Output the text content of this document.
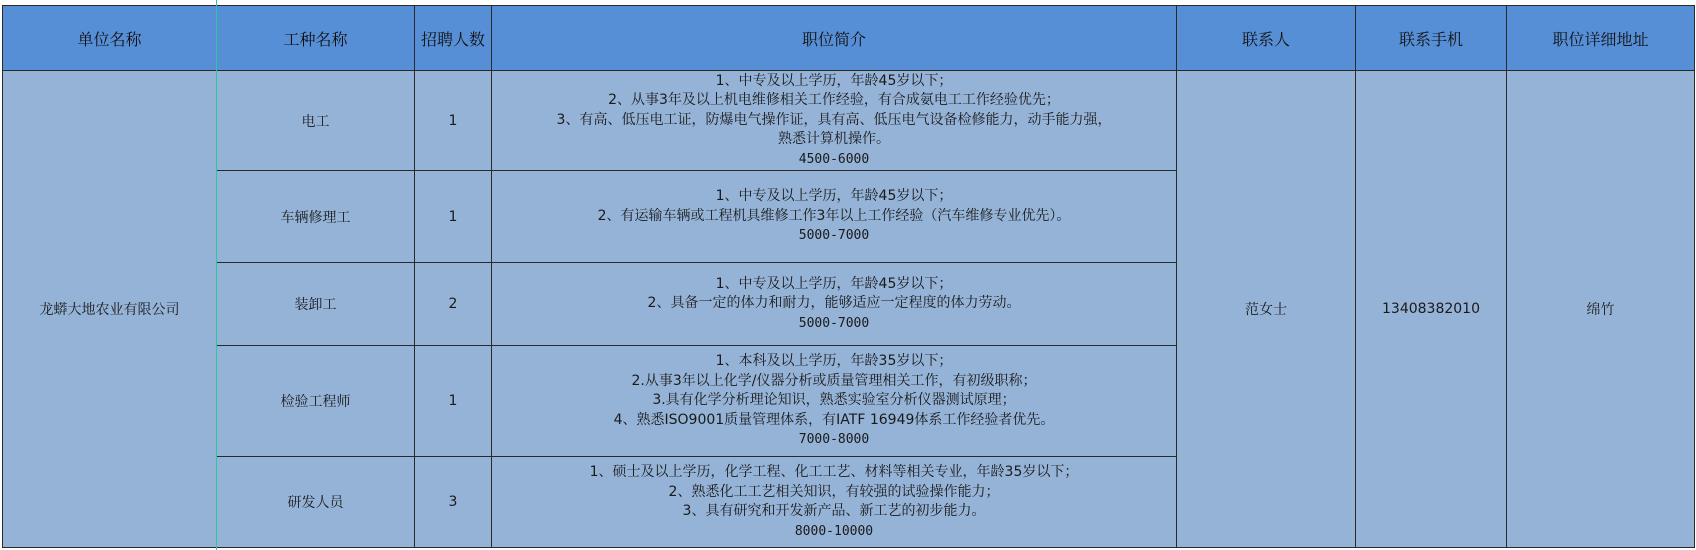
单位名称	工种名称	招聘人数	职位简介	联系人	联系手机	职位详细地址
龙蟒大地农业有限公司	电工	1	1、中专及以上学历，年龄45岁以下；
2、从事3年及以上机电维修相关工作经验，有合成氨电工工作经验优先；
3、有高、低压电工证，防爆电气操作证，具有高、低压电气设备检修能力，动手能力强，
熟悉计算机操作。
4500-6000	范女士	13408382010	绵竹
	车辆修理工	1	1、中专及以上学历，年龄45岁以下；
2、有运输车辆或工程机具维修工作3年以上工作经验（汽车维修专业优先）。
5000-7000			

	装卸工	2	1、中专及以上学历，年龄45岁以下；
2、具备一定的体力和耐力，能够适应一定程度的体力劳动。
5000-7000			

	检验工程师	1	1、本科及以上学历，年龄35岁以下；
2.从事3年以上化学/仪器分析或质量管理相关工作，有初级职称；
3.具有化学分析理论知识，熟悉实验室分析仪器测试原理；
4、熟悉ISO9001质量管理体系，有IATF 16949体系工作经验者优先。
7000-8000			

	研发人员	3	1、硕士及以上学历，化学工程、化工工艺、材料等相关专业，年龄35岁以下；
2、熟悉化工工艺相关知识，有较强的试验操作能力；
3、具有研究和开发新产品、新工艺的初步能力。
8000-10000			
